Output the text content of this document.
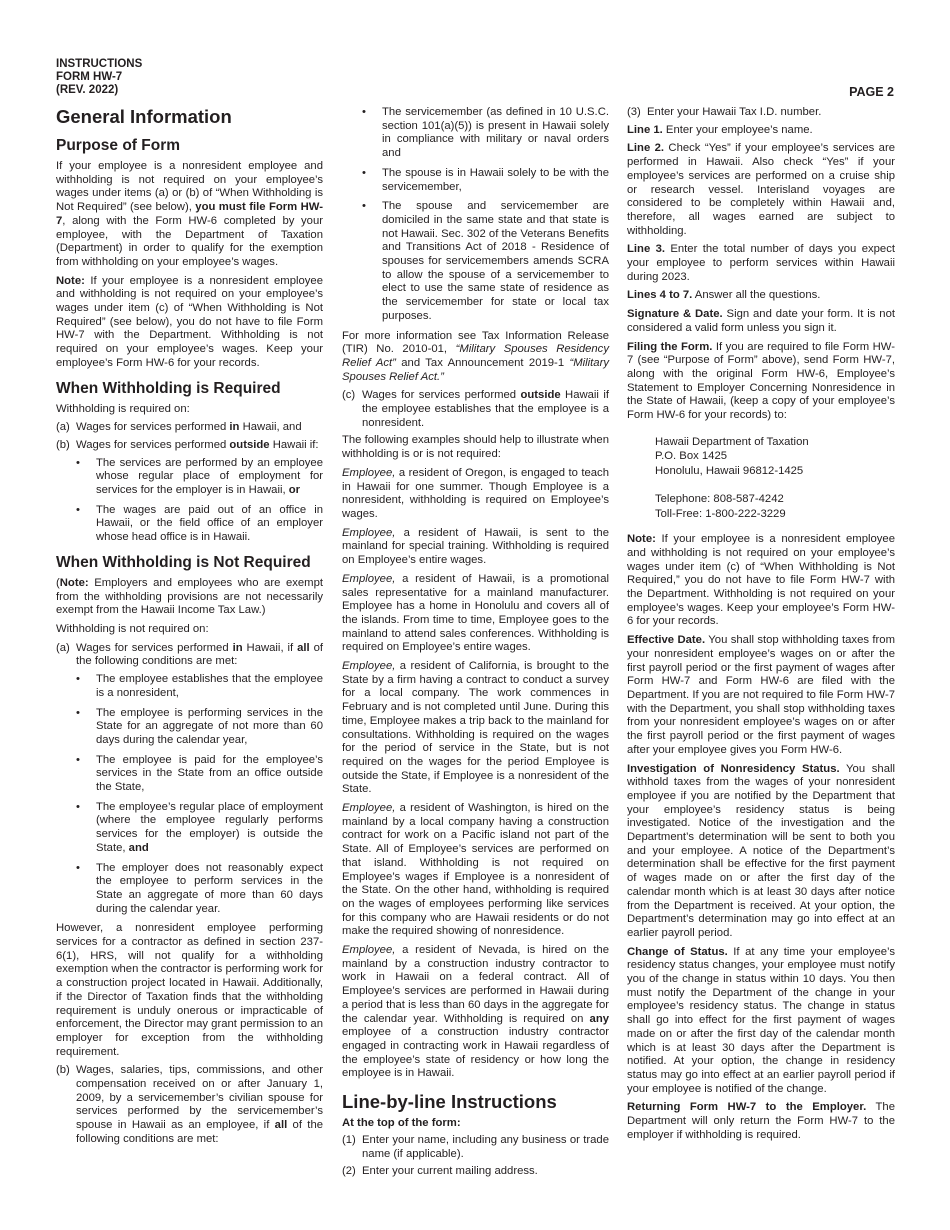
INSTRUCTIONS
FORM HW-7
(REV. 2022)	PAGE 2
General Information
Purpose of Form

If your employee is a nonresident employee and withholding is not required on your employee’s wages under items (a) or (b) of “When Withholding is Not Required” (see below), you must file Form HW-7, along with the Form HW-6 completed by your employee, with the Department of Taxation (Department) in order to qualify for the exemption from withholding on your employee’s wages.

Note: If your employee is a nonresident employee and withholding is not required on your employee’s wages under item (c) of “When Withholding is Not Required” (see below), you do not have to file Form HW-7 with the Department. Withholding is not required on your employee’s wages. Keep your employee’s Form HW-6 for your records.

When Withholding is Required

Withholding is required on:

(a) Wages for services performed in Hawaii, and
(b) Wages for services performed outside Hawaii if:
• The services are performed by an employee whose regular place of employment for services for the employer is in Hawaii, or
• The wages are paid out of an office in Hawaii, or the field office of an employer whose head office is in Hawaii.
When Withholding is Not Required

(Note: Employers and employees who are exempt from the withholding provisions are not necessarily exempt from the Hawaii Income Tax Law.)

Withholding is not required on:

(a) Wages for services performed in Hawaii, if all of the following conditions are met:
• The employee establishes that the employee is a nonresident,
• The employee is performing services in the State for an aggregate of not more than 60 days during the calendar year,
• The employee is paid for the employee’s services in the State from an office outside the State,
• The employee’s regular place of employment (where the employee regularly performs services for the employer) is outside the State, and
• The employer does not reasonably expect the employee to perform services in the State an aggregate of more than 60 days during the calendar year.

However, a nonresident employee performing services for a contractor as defined in section 237-6(1), HRS, will not qualify for a withholding exemption when the contractor is performing work for a construction project located in Hawaii. Additionally, if the Director of Taxation finds that the withholding requirement is unduly onerous or impracticable of enforcement, the Director may grant permission to an employer for exception from the withholding requirement.

(b) Wages, salaries, tips, commissions, and other compensation received on or after January 1, 2009, by a servicemember’s civilian spouse for services performed by the servicemember’s spouse in Hawaii as an employee, if all of the following conditions are met:
• The servicemember (as defined in 10 U.S.C. section 101(a)(5)) is present in Hawaii solely in compliance with military or naval orders and
• The spouse is in Hawaii solely to be with the servicemember,
• The spouse and servicemember are domiciled in the same state and that state is not Hawaii. Sec. 302 of the Veterans Benefits and Transitions Act of 2018 - Residence of spouses for servicemembers amends SCRA to allow the spouse of a servicemember to elect to use the same state of residence as the servicemember for state or local tax purposes.

For more information see Tax Information Release (TIR) No. 2010-01, “Military Spouses Residency Relief Act” and Tax Announcement 2019-1 “Military Spouses Relief Act.”

(c) Wages for services performed outside Hawaii if the employee establishes that the employee is a nonresident.

The following examples should help to illustrate when withholding is or is not required:

Employee, a resident of Oregon, is engaged to teach in Hawaii for one summer. Though Employee is a nonresident, withholding is required on Employee’s wages.

Employee, a resident of Hawaii, is sent to the mainland for special training. Withholding is required on Employee’s entire wages.

Employee, a resident of Hawaii, is a promotional sales representative for a mainland manufacturer. Employee has a home in Honolulu and covers all of the islands. From time to time, Employee goes to the mainland to attend sales conferences. Withholding is required on Employee’s entire wages.

Employee, a resident of California, is brought to the State by a firm having a contract to conduct a survey for a local company. The work commences in February and is not completed until June. During this time, Employee makes a trip back to the mainland for consultations. Withholding is required on the wages for the period of service in the State, but is not required on the wages for the period Employee is outside the State, if Employee is a nonresident of the State.

Employee, a resident of Washington, is hired on the mainland by a local company having a construction contract for work on a Pacific island not part of the State. All of Employee’s services are performed on that island. Withholding is not required on Employee’s wages if Employee is a nonresident of the State. On the other hand, withholding is required on the wages of employees performing like services for this company who are Hawaii residents or do not make the required showing of nonresidence.

Employee, a resident of Nevada, is hired on the mainland by a construction industry contractor to work in Hawaii on a federal contract. All of Employee’s services are performed in Hawaii during a period that is less than 60 days in the aggregate for the calendar year. Withholding is required on any employee of a construction industry contractor engaged in contracting work in Hawaii regardless of the employee’s state of residency or how long the employee is in Hawaii.

Line-by-line Instructions
At the top of the form:
(1) Enter your name, including any business or trade name (if applicable).
(2) Enter your current mailing address.
(3) Enter your Hawaii Tax I.D. number.

Line 1. Enter your employee’s name.

Line 2. Check “Yes” if your employee’s services are performed in Hawaii. Also check “Yes” if your employee’s services are performed on a cruise ship or research vessel. Interisland voyages are considered to be completely within Hawaii and, therefore, all wages earned are subject to withholding.

Line 3. Enter the total number of days you expect your employee to perform services within Hawaii during 2023.

Lines 4 to 7. Answer all the questions.

Signature & Date. Sign and date your form. It is not considered a valid form unless you sign it.

Filing the Form. If you are required to file Form HW-7 (see “Purpose of Form” above), send Form HW-7, along with the original Form HW-6, Employee’s Statement to Employer Concerning Nonresidence in the State of Hawaii, (keep a copy of your employee’s Form HW-6 for your records) to:

Hawaii Department of Taxation
P.O. Box 1425
Honolulu, Hawaii 96812-1425
Telephone: 808-587-4242
Toll-Free: 1-800-222-3229

Note: If your employee is a nonresident employee and withholding is not required on your employee’s wages under item (c) of “When Withholding is Not Required,” you do not have to file Form HW-7 with the Department. Withholding is not required on your employee’s wages. Keep your employee’s Form HW-6 for your records.

Effective Date. You shall stop withholding taxes from your nonresident employee’s wages on or after the first payroll period or the first payment of wages after Form HW-7 and Form HW-6 are filed with the Department. If you are not required to file Form HW-7 with the Department, you shall stop withholding taxes from your nonresident employee’s wages on or after the first payroll period or the first payment of wages after your employee gives you Form HW-6.

Investigation of Nonresidency Status. You shall withhold taxes from the wages of your nonresident employee if you are notified by the Department that your employee’s residency status is being investigated. Notice of the investigation and the Department’s determination will be sent to both you and your employee. A notice of the Department’s determination shall be effective for the first payment of wages made on or after the first day of the calendar month which is at least 30 days after notice from the Department is received. At your option, the Department’s determination may go into effect at an earlier payroll period.

Change of Status. If at any time your employee’s residency status changes, your employee must notify you of the change in status within 10 days. You then must notify the Department of the change in your employee’s residency status. The change in status shall go into effect for the first payment of wages made on or after the first day of the calendar month which is at least 30 days after the Department is notified. At your option, the change in residency status may go into effect at an earlier payroll period if your employee is notified of the change.

Returning Form HW-7 to the Employer. The Department will only return the Form HW-7 to the employer if withholding is required.
